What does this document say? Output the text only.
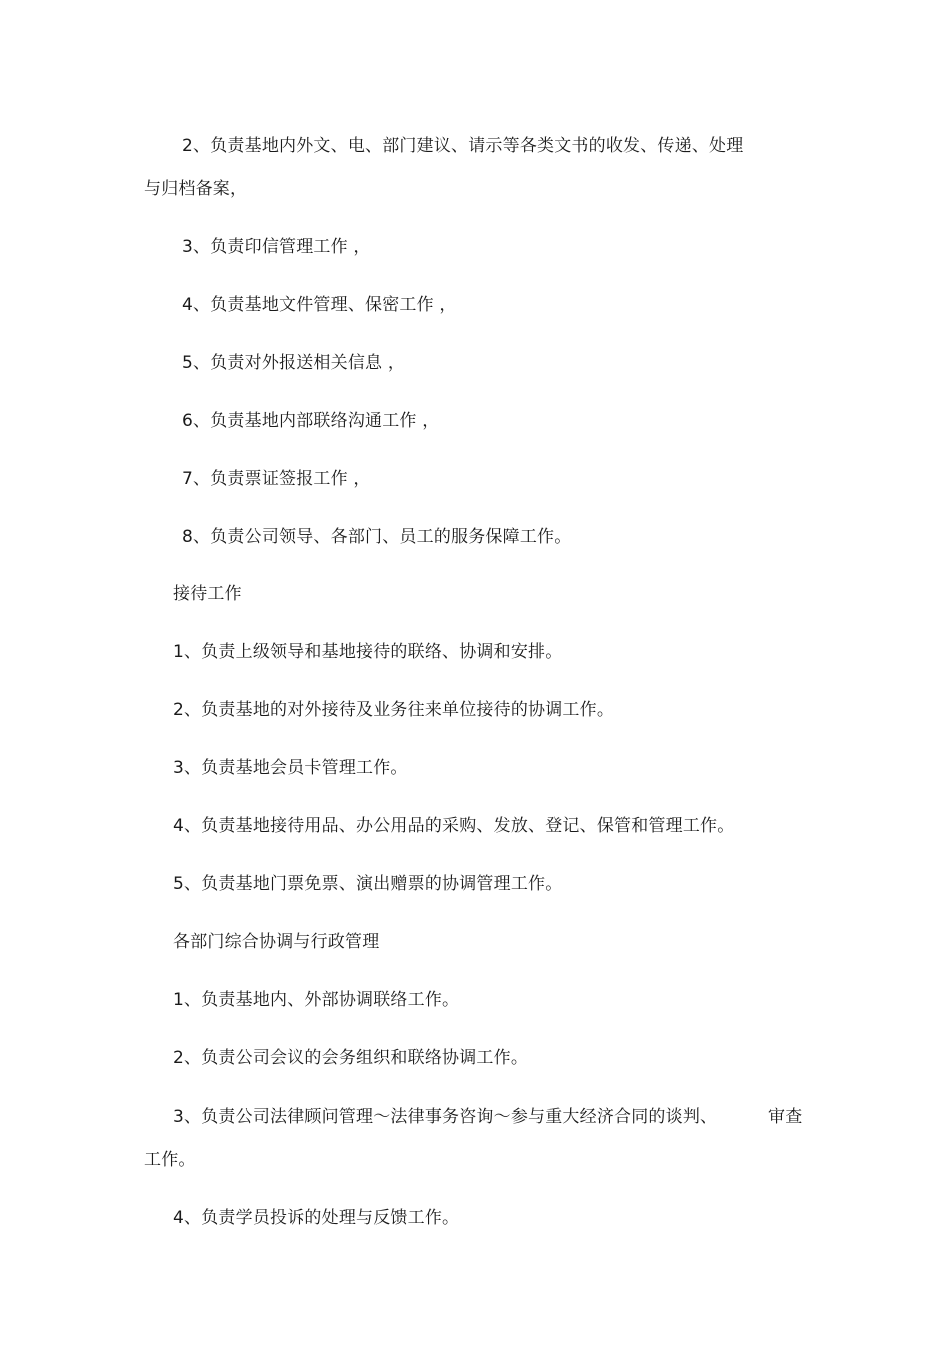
2、负责基地内外文、电、部门建议、请示等各类文书的收发、传递、处理
与归档备案，
3、负责印信管理工作 ，
4、负责基地文件管理、保密工作 ，
5、负责对外报送相关信息 ，
6、负责基地内部联络沟通工作 ，
7、负责票证签报工作 ，
8、负责公司领导、各部门、员工的服务保障工作。
接待工作
1、负责上级领导和基地接待的联络、协调和安排。
2、负责基地的对外接待及业务往来单位接待的协调工作。
3、负责基地会员卡管理工作。
4、负责基地接待用品、办公用品的采购、发放、登记、保管和管理工作。
5、负责基地门票免票、演出赠票的协调管理工作。
各部门综合协调与行政管理
1、负责基地内、外部协调联络工作。
2、负责公司会议的会务组织和联络协调工作。
3、负责公司法律顾问管理～法律事务咨询～参与重大经济合同的谈判、	审查
工作。
4、负责学员投诉的处理与反馈工作。
